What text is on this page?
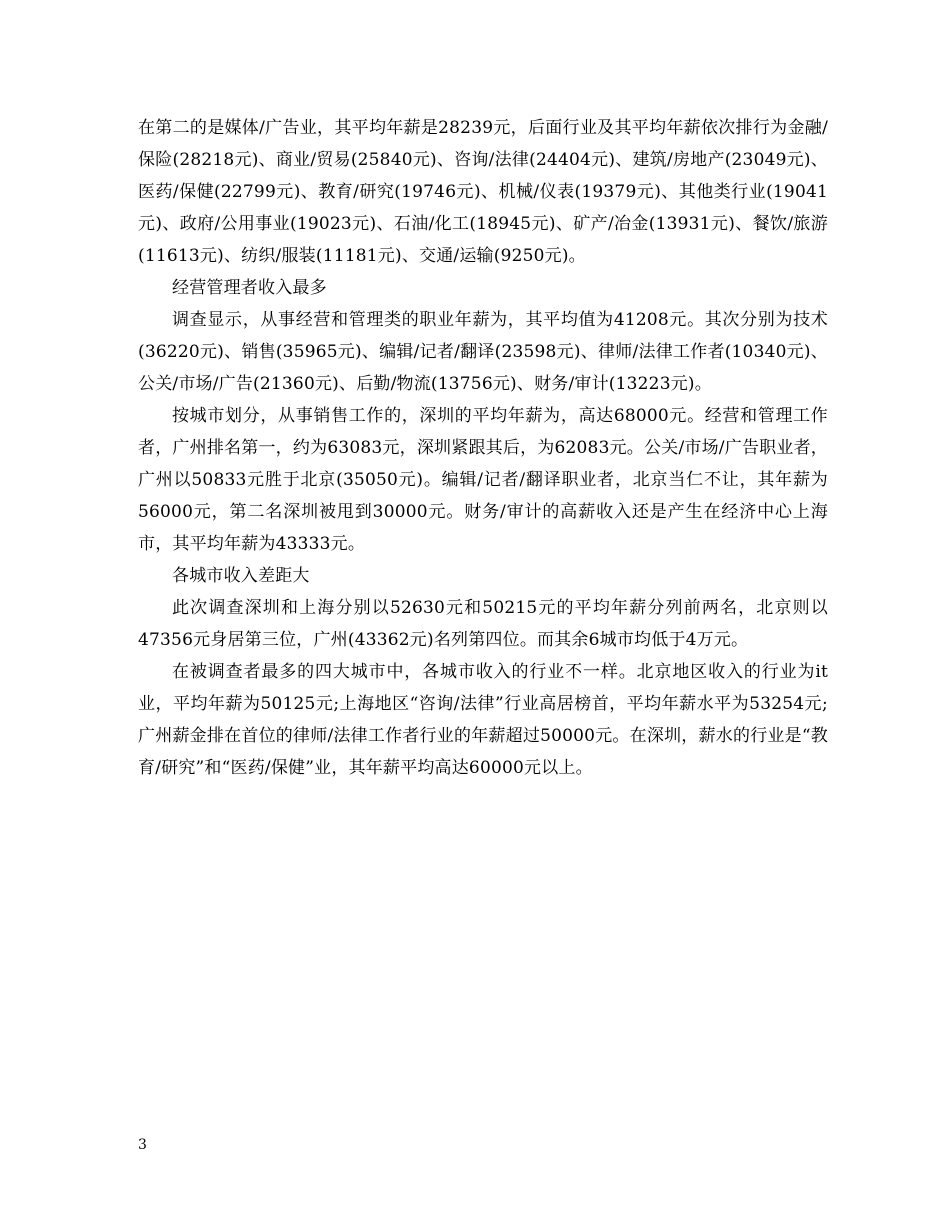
在第二的是媒体/广告业，其平均年薪是28239元，后面行业及其平均年薪依次排行为金融/保险(28218元)、商业/贸易(25840元)、咨询/法律(24404元)、建筑/房地产(23049元)、医药/保健(22799元)、教育/研究(19746元)、机械/仪表(19379元)、其他类行业(19041元)、政府/公用事业(19023元)、石油/化工(18945元)、矿产/冶金(13931元)、餐饮/旅游(11613元)、纺织/服装(11181元)、交通/运输(9250元)。

经营管理者收入最多

调查显示，从事经营和管理类的职业年薪为，其平均值为41208元。其次分别为技术(36220元)、销售(35965元)、编辑/记者/翻译(23598元)、律师/法律工作者(10340元)、公关/市场/广告(21360元)、后勤/物流(13756元)、财务/审计(13223元)。

按城市划分，从事销售工作的，深圳的平均年薪为，高达68000元。经营和管理工作者，广州排名第一，约为63083元，深圳紧跟其后，为62083元。公关/市场/广告职业者，广州以50833元胜于北京(35050元)。编辑/记者/翻译职业者，北京当仁不让，其年薪为56000元，第二名深圳被甩到30000元。财务/审计的高薪收入还是产生在经济中心上海市，其平均年薪为43333元。

各城市收入差距大

此次调查深圳和上海分别以52630元和50215元的平均年薪分列前两名，北京则以47356元身居第三位，广州(43362元)名列第四位。而其余6城市均低于4万元。

在被调查者最多的四大城市中，各城市收入的行业不一样。北京地区收入的行业为it业，平均年薪为50125元;上海地区“咨询/法律”行业高居榜首，平均年薪水平为53254元;广州薪金排在首位的律师/法律工作者行业的年薪超过50000元。在深圳，薪水的行业是“教育/研究”和“医药/保健”业，其年薪平均高达60000元以上。

3
